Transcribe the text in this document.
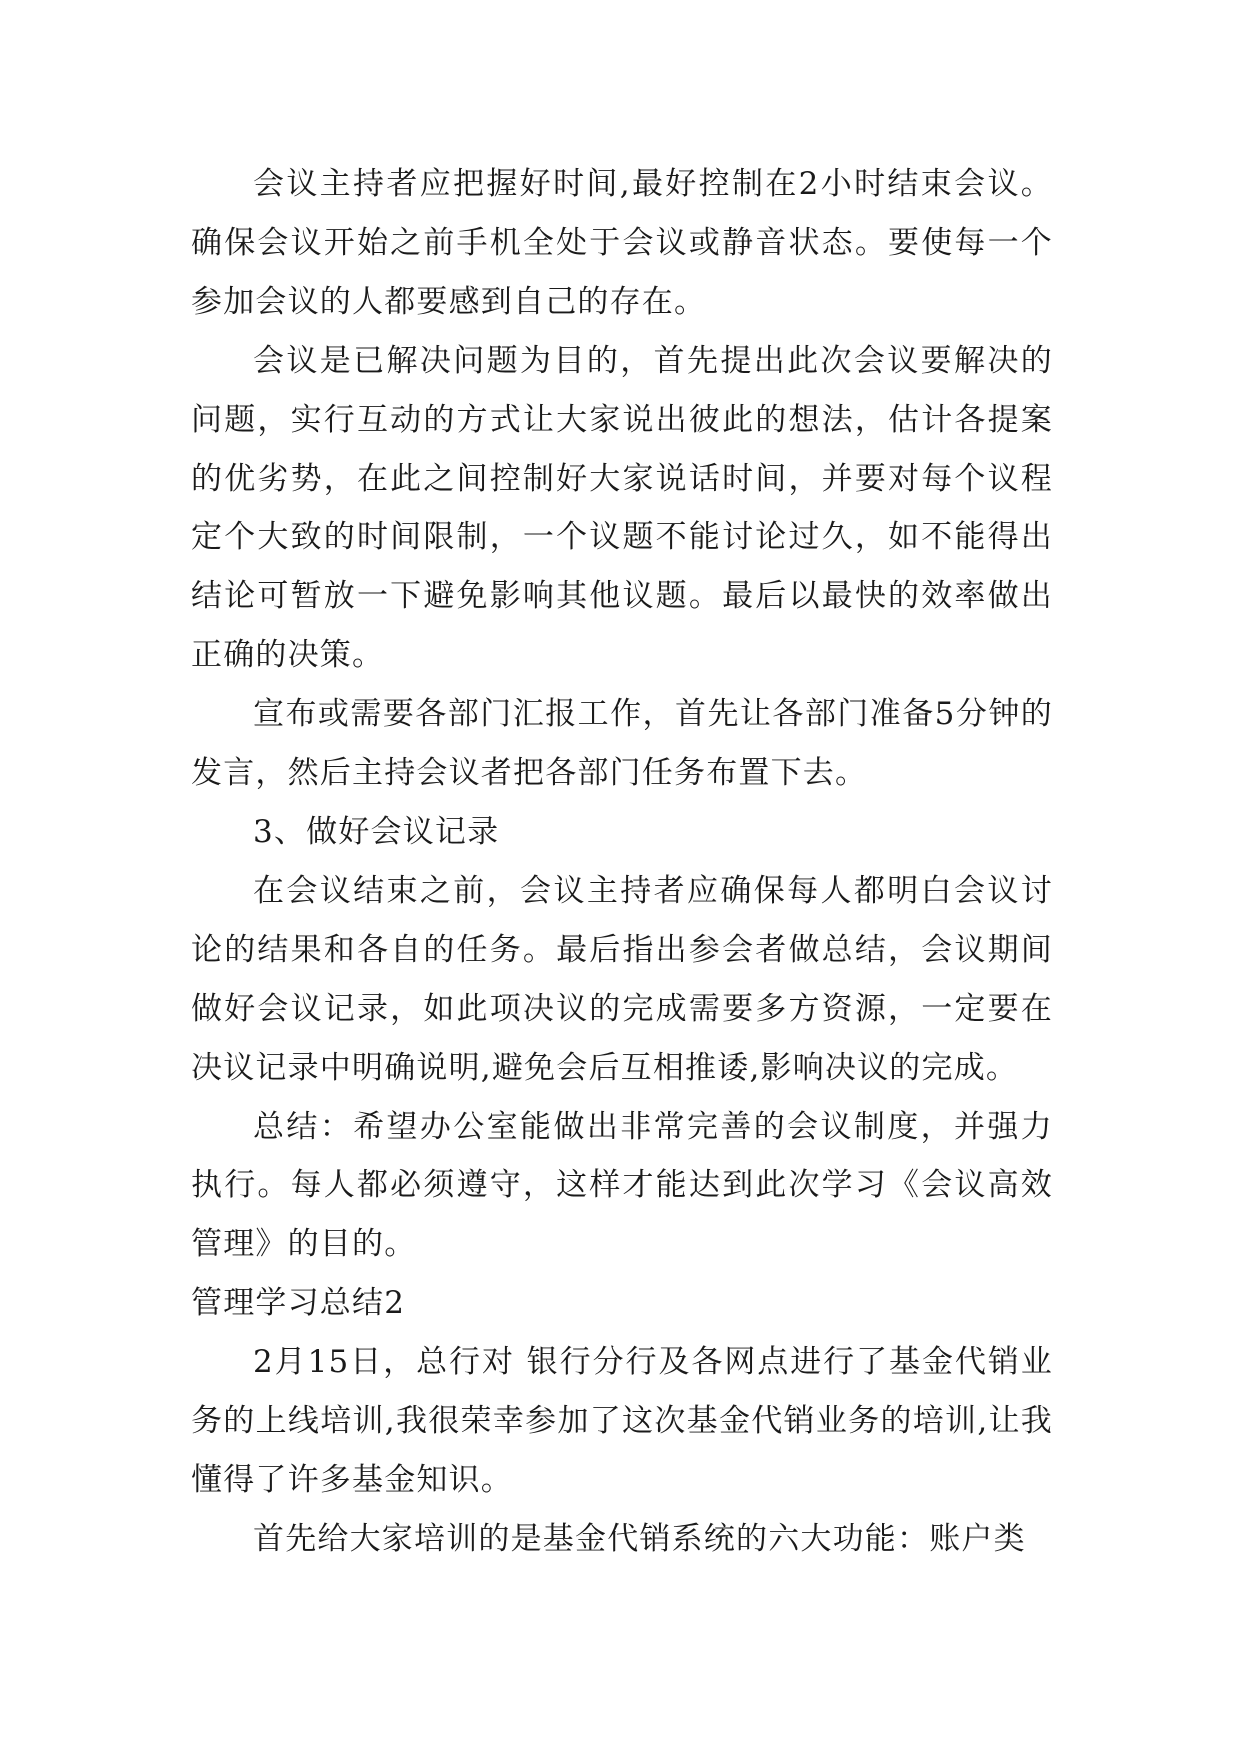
会议主持者应把握好时间,最好控制在2小时结束会议。确保会议开始之前手机全处于会议或静音状态。要使每一个参加会议的人都要感到自己的存在。

会议是已解决问题为目的，首先提出此次会议要解决的问题，实行互动的方式让大家说出彼此的想法，估计各提案的优劣势，在此之间控制好大家说话时间，并要对每个议程定个大致的时间限制，一个议题不能讨论过久，如不能得出结论可暂放一下避免影响其他议题。最后以最快的效率做出正确的决策。

宣布或需要各部门汇报工作，首先让各部门准备5分钟的发言，然后主持会议者把各部门任务布置下去。

3、做好会议记录

在会议结束之前，会议主持者应确保每人都明白会议讨论的结果和各自的任务。最后指出参会者做总结，会议期间做好会议记录，如此项决议的完成需要多方资源，一定要在决议记录中明确说明,避免会后互相推诿,影响决议的完成。

总结：希望办公室能做出非常完善的会议制度，并强力执行。每人都必须遵守，这样才能达到此次学习《会议高效管理》的目的。

管理学习总结2

2月15日，总行对 银行分行及各网点进行了基金代销业务的上线培训,我很荣幸参加了这次基金代销业务的培训,让我懂得了许多基金知识。

首先给大家培训的是基金代销系统的六大功能：账户类
